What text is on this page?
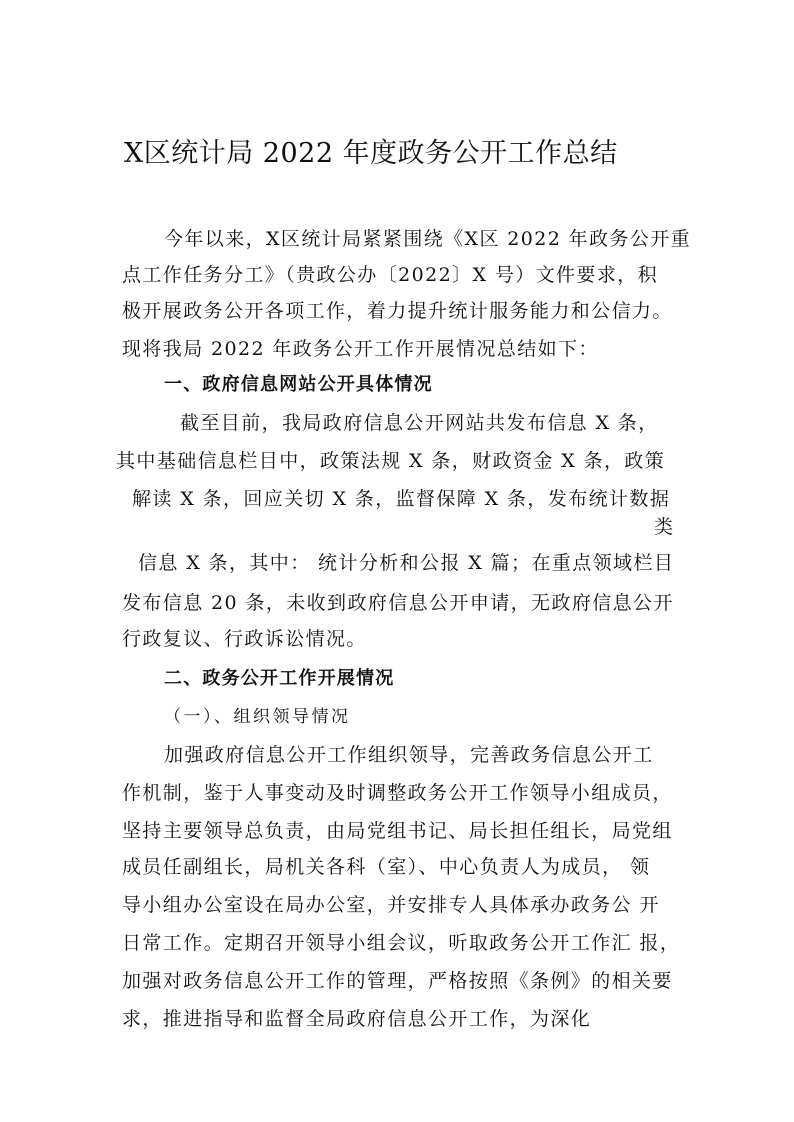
X区统计局 2022 年度政务公开工作总结

今年以来，X区统计局紧紧围绕《X区 2022 年政务公开重

点工作任务分工》（贵政公办〔2022〕X 号）文件要求，积

极开展政务公开各项工作，着力提升统计服务能力和公信力。

现将我局 2022 年政务公开工作开展情况总结如下：

一、政府信息网站公开具体情况

截至目前，我局政府信息公开网站共发布信息 X 条，

其中基础信息栏目中，政策法规 X 条，财政资金 X 条，政策

解读 X 条，回应关切 X 条，监督保障 X 条，发布统计数据

类

信息 X 条，其中： 统计分析和公报 X 篇；在重点领域栏目

发布信息 20 条，未收到政府信息公开申请，无政府信息公开

行政复议、行政诉讼情况。

二、政务公开工作开展情况

（一）、组织领导情况

加强政府信息公开工作组织领导，完善政务信息公开工

作机制，鉴于人事变动及时调整政务公开工作领导小组成员，

坚持主要领导总负责，由局党组书记、局长担任组长，局党组

成员任副组长，局机关各科（室）、中心负责人为成员， 领

导小组办公室设在局办公室，并安排专人具体承办政务公 开

日常工作。定期召开领导小组会议，听取政务公开工作汇 报，

加强对政务信息公开工作的管理，严格按照《条例》的相关要

求，推进指导和监督全局政府信息公开工作，为深化
